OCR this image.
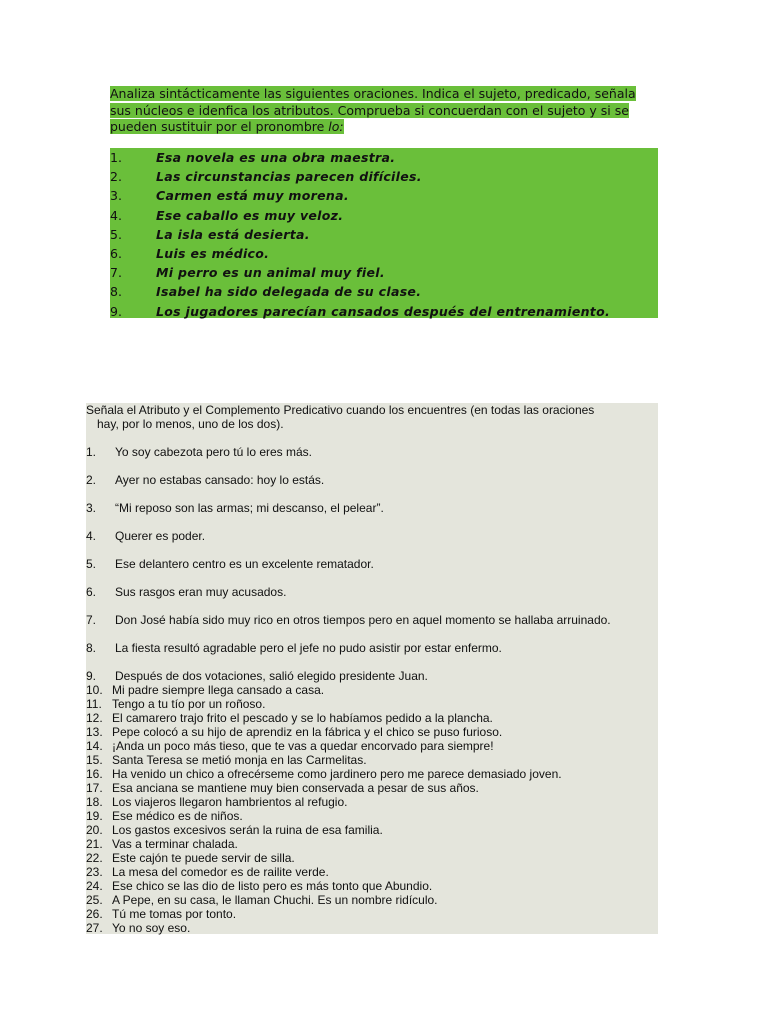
Analiza sintácticamente las siguientes oraciones. Indica el sujeto, predicado, señala
sus núcleos e idenfica los atributos. Comprueba si concuerdan con el sujeto y si se
pueden sustituir por el pronombre lo:
1.	Esa novela es una obra maestra.
2.	Las circunstancias parecen difíciles.
3.	Carmen está muy morena.
4.	Ese caballo es muy veloz.
5.	La isla está desierta.
6.	Luis es médico.
7.	Mi perro es un animal muy fiel.
8.	Isabel ha sido delegada de su clase.
9.	Los jugadores parecían cansados después del entrenamiento.
Señala el Atributo y el Complemento Predicativo cuando los encuentres (en todas las oraciones
hay, por lo menos, uno de los dos).
1. Yo soy cabezota pero tú lo eres más.
2. Ayer no estabas cansado: hoy lo estás.
3. “Mi reposo son las armas; mi descanso, el pelear”.
4. Querer es poder.
5. Ese delantero centro es un excelente rematador.
6. Sus rasgos eran muy acusados.
7. Don José había sido muy rico en otros tiempos pero en aquel momento se hallaba arruinado.
8. La fiesta resultó agradable pero el jefe no pudo asistir por estar enfermo.
9. Después de dos votaciones, salió elegido presidente Juan.
10. Mi padre siempre llega cansado a casa.
11. Tengo a tu tío por un roñoso.
12. El camarero trajo frito el pescado y se lo habíamos pedido a la plancha.
13. Pepe colocó a su hijo de aprendiz en la fábrica y el chico se puso furioso.
14. ¡Anda un poco más tieso, que te vas a quedar encorvado para siempre!
15. Santa Teresa se metió monja en las Carmelitas.
16. Ha venido un chico a ofrecérseme como jardinero pero me parece demasiado joven.
17. Esa anciana se mantiene muy bien conservada a pesar de sus años.
18. Los viajeros llegaron hambrientos al refugio.
19. Ese médico es de niños.
20. Los gastos excesivos serán la ruina de esa familia.
21. Vas a terminar chalada.
22. Este cajón te puede servir de silla.
23. La mesa del comedor es de railite verde.
24. Ese chico se las dio de listo pero es más tonto que Abundio.
25. A Pepe, en su casa, le llaman Chuchi. Es un nombre ridículo.
26. Tú me tomas por tonto.
27. Yo no soy eso.
